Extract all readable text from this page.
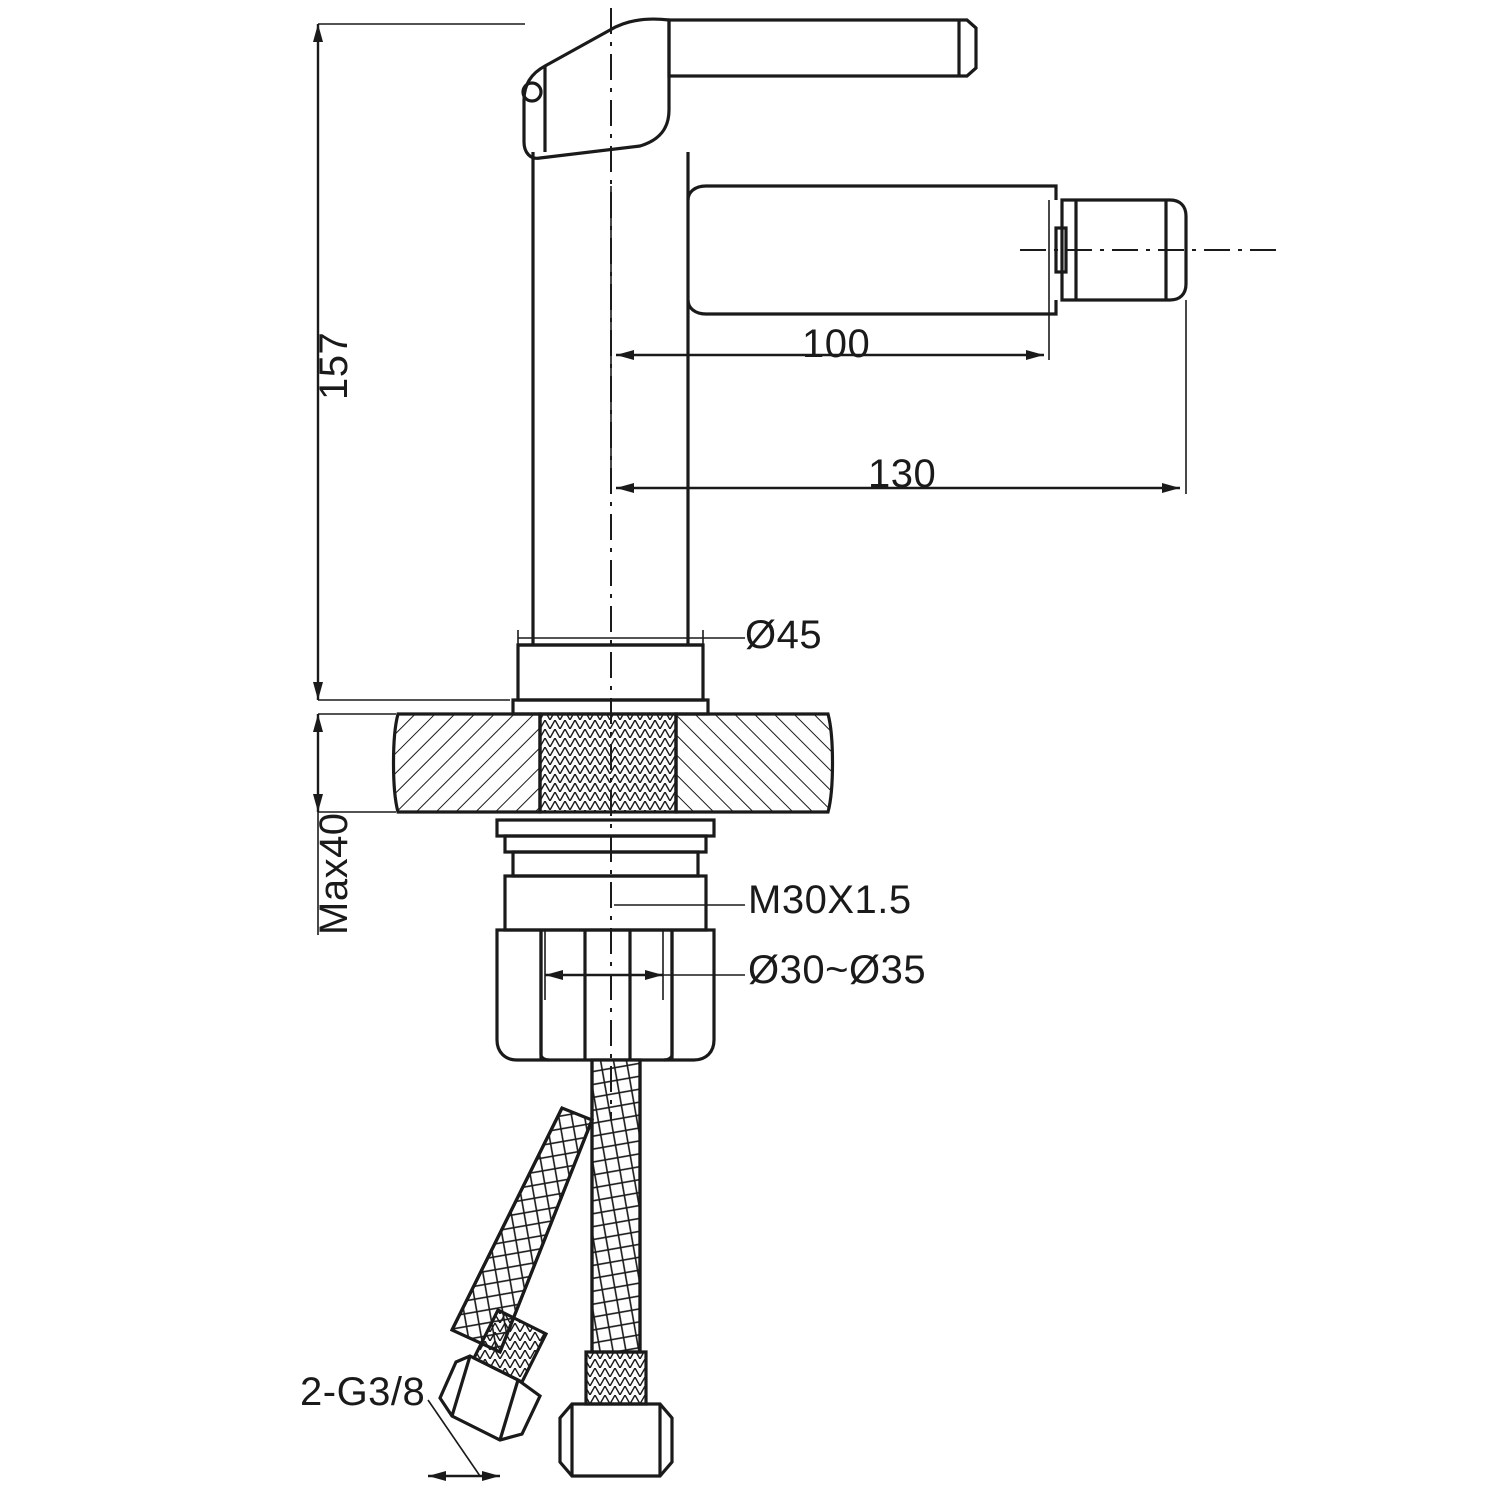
157
Max40
100
130
Ø45
M30X1.5
Ø30~Ø35
2-G3/8
